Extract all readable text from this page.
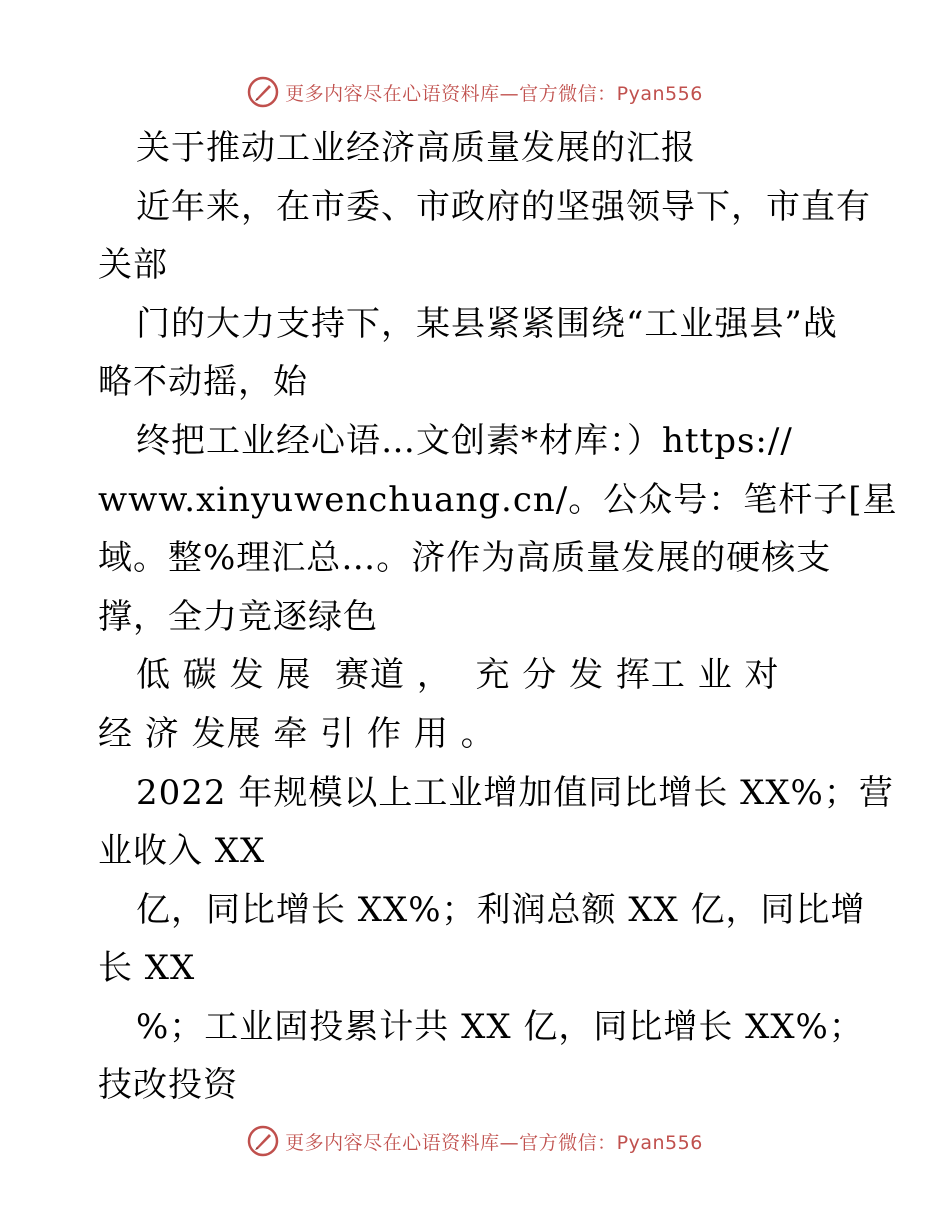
更多内容尽在心语资料库—官方微信：Pyan556
关于推动工业经济高质量发展的汇报
近年来，在市委、市政府的坚强领导下，市直有
关部
门的大力支持下，某县紧紧围绕“工业强县”战
略不动摇，始
终把工业经心语…文创素*材库：）https://
www.xinyuwenchuang.cn/。公众号：笔杆子[星
域。整%理汇总…。济作为高质量发展的硬核支
撑，全力竞逐绿色
低 碳 发 展  赛道 ，  充 分 发 挥工 业 对
经 济 发展 牵 引 作 用 。
2022 年规模以上工业增加值同比增长 XX%；营
业收入 XX
亿，同比增长 XX%；利润总额 XX 亿，同比增
长 XX
%；工业固投累计共 XX 亿，同比增长 XX%；
技改投资
更多内容尽在心语资料库—官方微信：Pyan556
